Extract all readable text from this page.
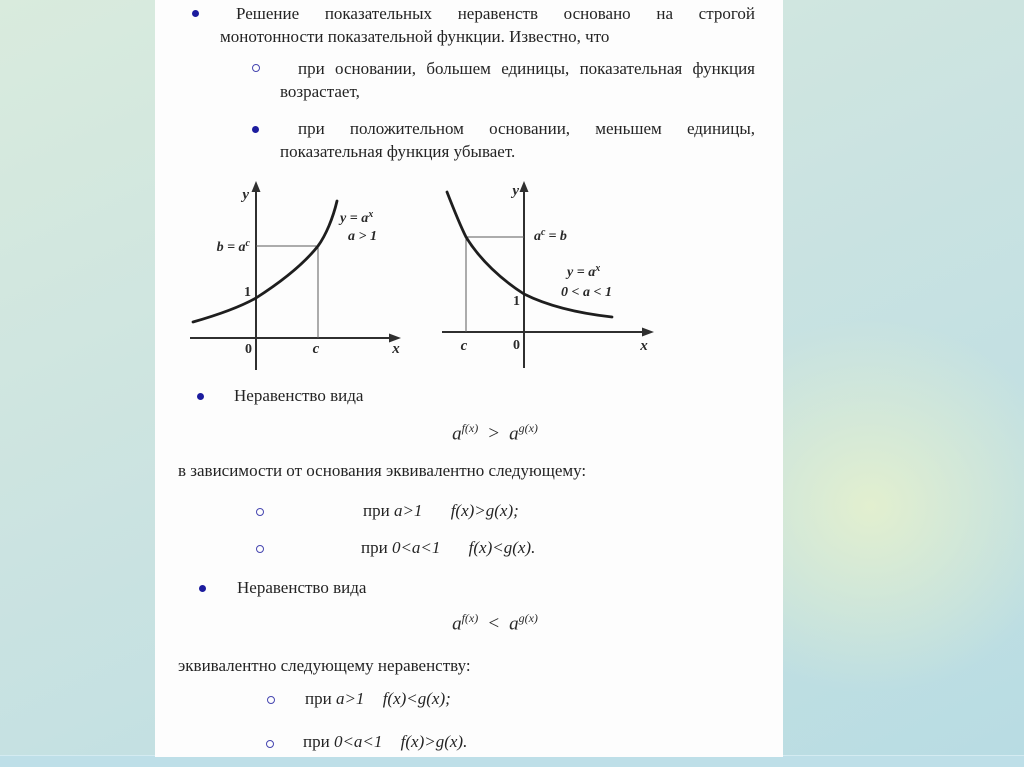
Решение показательных неравенств основано на строгой монотонности показательной функции. Известно, что
при основании, большем единицы, показательная функция возрастает,
при положительном основании, меньшем единицы, показательная функция убывает.
y
x
0
1
$b = a^c$
c
$y = a^x$
a > 1
y
x
0
1
$a^c = b$
c
$y = a^x$
0 < a < 1
Неравенство вида
$a^{f(x)} > a^{g(x)}$
в зависимости от основания эквивалентно следующему:
при a>1 f(x)>g(x);
при 0<a<1 f(x)<g(x).
Неравенство вида
$a^{f(x)} < a^{g(x)}$
эквивалентно следующему неравенству:
при a>1 f(x)<g(x);
при 0<a<1 f(x)>g(x).
